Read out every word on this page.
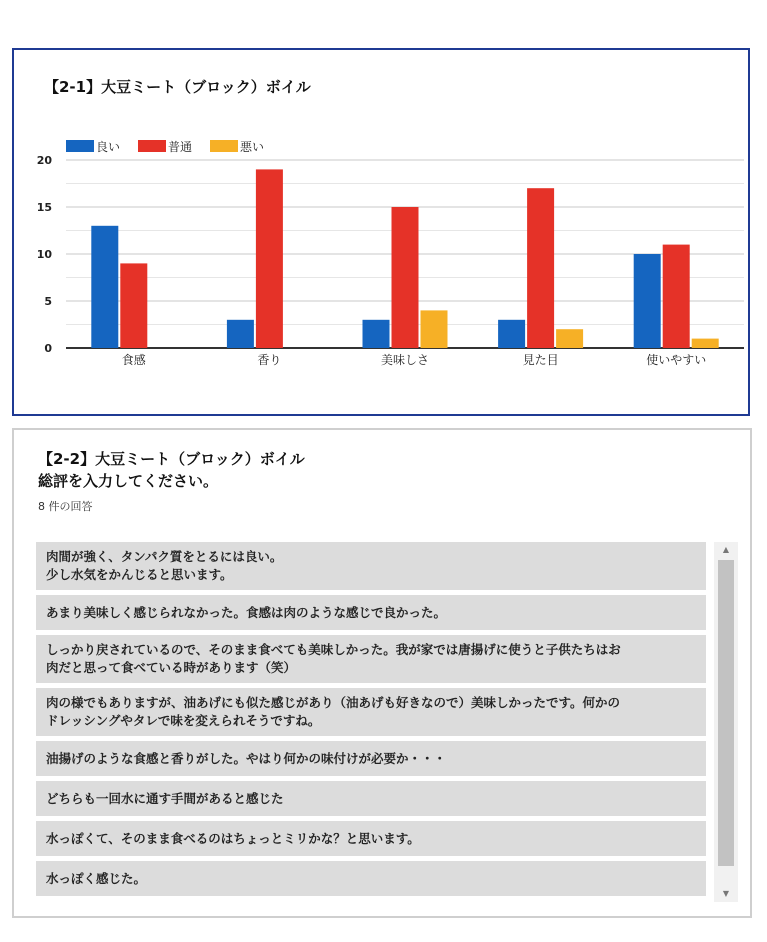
【2-1】大豆ミート（ブロック）ボイル
0
5
10
15
20
食感	香り	美味しさ	見た目	使いやすい
良い	普通	悪い
【2-2】大豆ミート（ブロック）ボイル
総評を入力してください。
8 件の回答
肉間が強く、タンパク質をとるには良い。
少し水気をかんじると思います。
あまり美味しく感じられなかった。食感は肉のような感じで良かった。
しっかり戻されているので、そのまま食べても美味しかった。我が家では唐揚げに使うと子供たちはお
肉だと思って食べている時があります（笑）
肉の様でもありますが、油あげにも似た感じがあり（油あげも好きなので）美味しかったです。何かの
ドレッシングやタレで味を変えられそうですね。
油揚げのような食感と香りがした。やはり何かの味付けが必要か・・・
どちらも一回水に通す手間があると感じた
水っぽくて、そのまま食べるのはちょっとミリかな？と思います。
水っぽく感じた。
▲
▼
